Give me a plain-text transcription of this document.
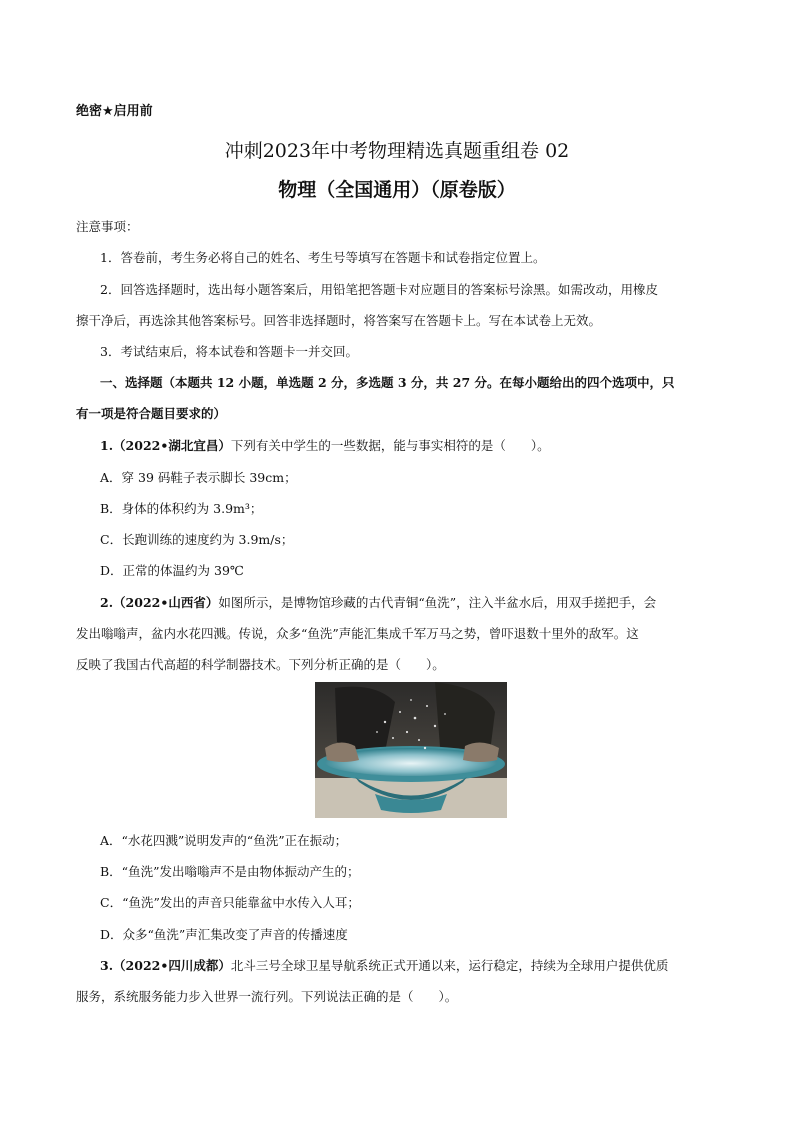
绝密★启用前
冲刺2023年中考物理精选真题重组卷 02
物理（全国通用）（原卷版）
注意事项：
1．答卷前，考生务必将自己的姓名、考生号等填写在答题卡和试卷指定位置上。
2．回答选择题时，选出每小题答案后，用铅笔把答题卡对应题目的答案标号涂黑。如需改动，用橡皮
擦干净后，再选涂其他答案标号。回答非选择题时，将答案写在答题卡上。写在本试卷上无效。
3．考试结束后，将本试卷和答题卡一并交回。
一、选择题（本题共 12 小题，单选题 2 分，多选题 3 分，共 27 分。在每小题给出的四个选项中，只
有一项是符合题目要求的）
1.（2022•湖北宜昌）下列有关中学生的一些数据，能与事实相符的是（　　）。
A．穿 39 码鞋子表示脚长 39cm；
B．身体的体积约为 3.9m³；
C．长跑训练的速度约为 3.9m/s；
D．正常的体温约为 39℃
2.（2022•山西省）如图所示，是博物馆珍藏的古代青铜“鱼洗”，注入半盆水后，用双手搓把手，会
发出嗡嗡声，盆内水花四溅。传说，众多“鱼洗”声能汇集成千军万马之势，曾吓退数十里外的敌军。这
反映了我国古代高超的科学制器技术。下列分析正确的是（　　）。
A．“水花四溅”说明发声的“鱼洗”正在振动；
B．“鱼洗”发出嗡嗡声不是由物体振动产生的；
C．“鱼洗”发出的声音只能靠盆中水传入人耳；
D．众多“鱼洗”声汇集改变了声音的传播速度
3.（2022•四川成都）北斗三号全球卫星导航系统正式开通以来，运行稳定，持续为全球用户提供优质
服务，系统服务能力步入世界一流行列。下列说法正确的是（　　）。
